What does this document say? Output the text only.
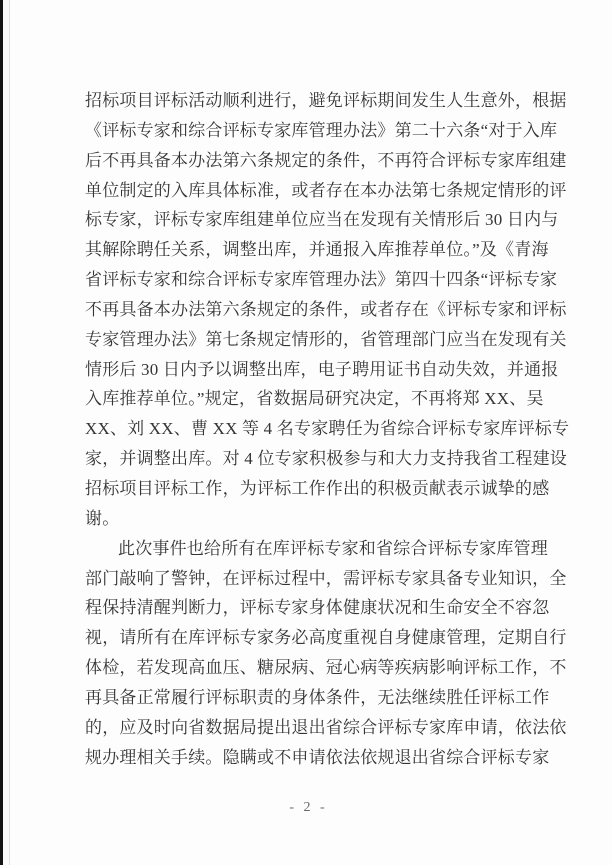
招标项目评标活动顺利进行，避免评标期间发生人生意外，根据
《评标专家和综合评标专家库管理办法》第二十六条“对于入库
后不再具备本办法第六条规定的条件，不再符合评标专家库组建
单位制定的入库具体标准，或者存在本办法第七条规定情形的评
标专家，评标专家库组建单位应当在发现有关情形后 30 日内与
其解除聘任关系，调整出库，并通报入库推荐单位。”及《青海
省评标专家和综合评标专家库管理办法》第四十四条“评标专家
不再具备本办法第六条规定的条件，或者存在《评标专家和评标
专家管理办法》第七条规定情形的，省管理部门应当在发现有关
情形后 30 日内予以调整出库，电子聘用证书自动失效，并通报
入库推荐单位。”规定，省数据局研究决定，不再将郑 XX、吴
XX、刘 XX、曹 XX 等 4 名专家聘任为省综合评标专家库评标专
家，并调整出库。对 4 位专家积极参与和大力支持我省工程建设
招标项目评标工作，为评标工作作出的积极贡献表示诚挚的感
谢。
此次事件也给所有在库评标专家和省综合评标专家库管理
部门敲响了警钟，在评标过程中，需评标专家具备专业知识，全
程保持清醒判断力，评标专家身体健康状况和生命安全不容忽
视，请所有在库评标专家务必高度重视自身健康管理，定期自行
体检，若发现高血压、糖尿病、冠心病等疾病影响评标工作，不
再具备正常履行评标职责的身体条件，无法继续胜任评标工作
的，应及时向省数据局提出退出省综合评标专家库申请，依法依
规办理相关手续。隐瞒或不申请依法依规退出省综合评标专家
- 2 -
